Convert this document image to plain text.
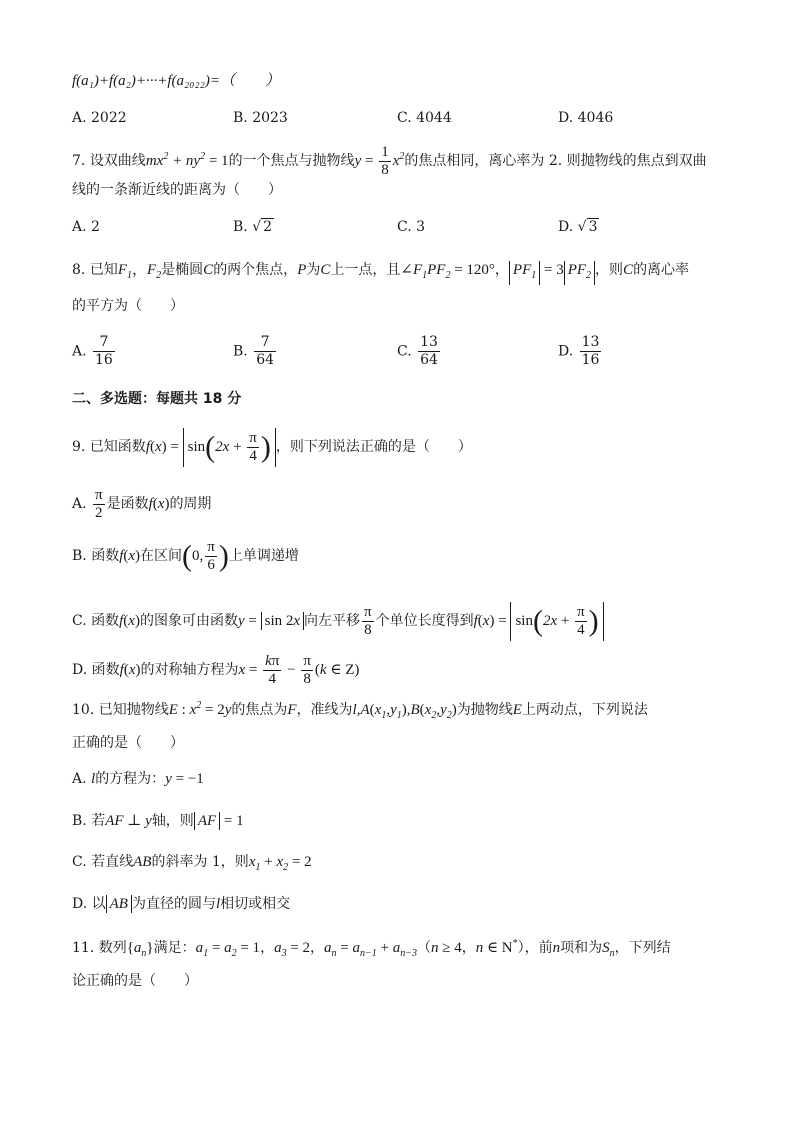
f(a₁)+f(a₂)+···+f(a₂₀₂₂)=（　　）
A. 2022	B. 2023	C. 4044	D. 4046
7. 设双曲线$mx^2 + ny^2 = 1$的一个焦点与抛物线$y = \frac{1}{8} x^2$的焦点相同，离心率为 2. 则抛物线的焦点到双曲
线的一条渐近线的距离为（　　）
A. 2	B. √ 2	C. 3	D. √ 3
8. 已知$F_1$，$F_2$是椭圆C的两个焦点，P为C上一点，且$\angle F_1PF_2 = 120^\circ$， $PF_1 = 3$ $PF_2$ ，则C的离心率
的平方为（　　）
A. $\frac{7}{16}$	B. $\frac{7}{64}$	C. $\frac{13}{64}$	D. $\frac{13}{16}$
二、多选题：每题共 18 分
9. 已知函数$f(x) = \sin(2x + \frac{\pi}{4}$ ) ，则下列说法正确的是（　　）
A. $\frac{\pi}{2}$ 是函数f(x)的周期
B. 函数f(x)在区间(0, $\frac{\pi}{6}$ )上单调递增
C. 函数f(x)的图象可由函数y = sin 2x 向左平移 $\frac{\pi}{8}$ 个单位长度得到$f(x) = \sin(2x + \frac{\pi}{4}$ )
D. 函数f(x)的对称轴方程为$x = \frac{k\pi}{4} - \frac{\pi}{8} (k$ ∈ Z)
10. 已知抛物线E : $x^2 = 2y$的焦点为F，准线为$l,A(x_1,y_1),B(x_2,y_2)$为抛物线E上两动点，下列说法
正确的是（　　）
A. l的方程为：y = −1
B. 若AF ⊥ y轴，则 AF = 1
C. 若直线AB的斜率为 1，则$x_1 + x_2 = 2$
D. 以 AB 为直径的圆与l相切或相交
11. 数列$\{a_n\}$满足：$a_1 = a_2 = 1$，$a_3 = 2$，$a_n = a_{n-1} + a_{n-3}(n \ge 4$，n ∈ N*），前n项和为$S_n$，下列结
论正确的是（　　）
